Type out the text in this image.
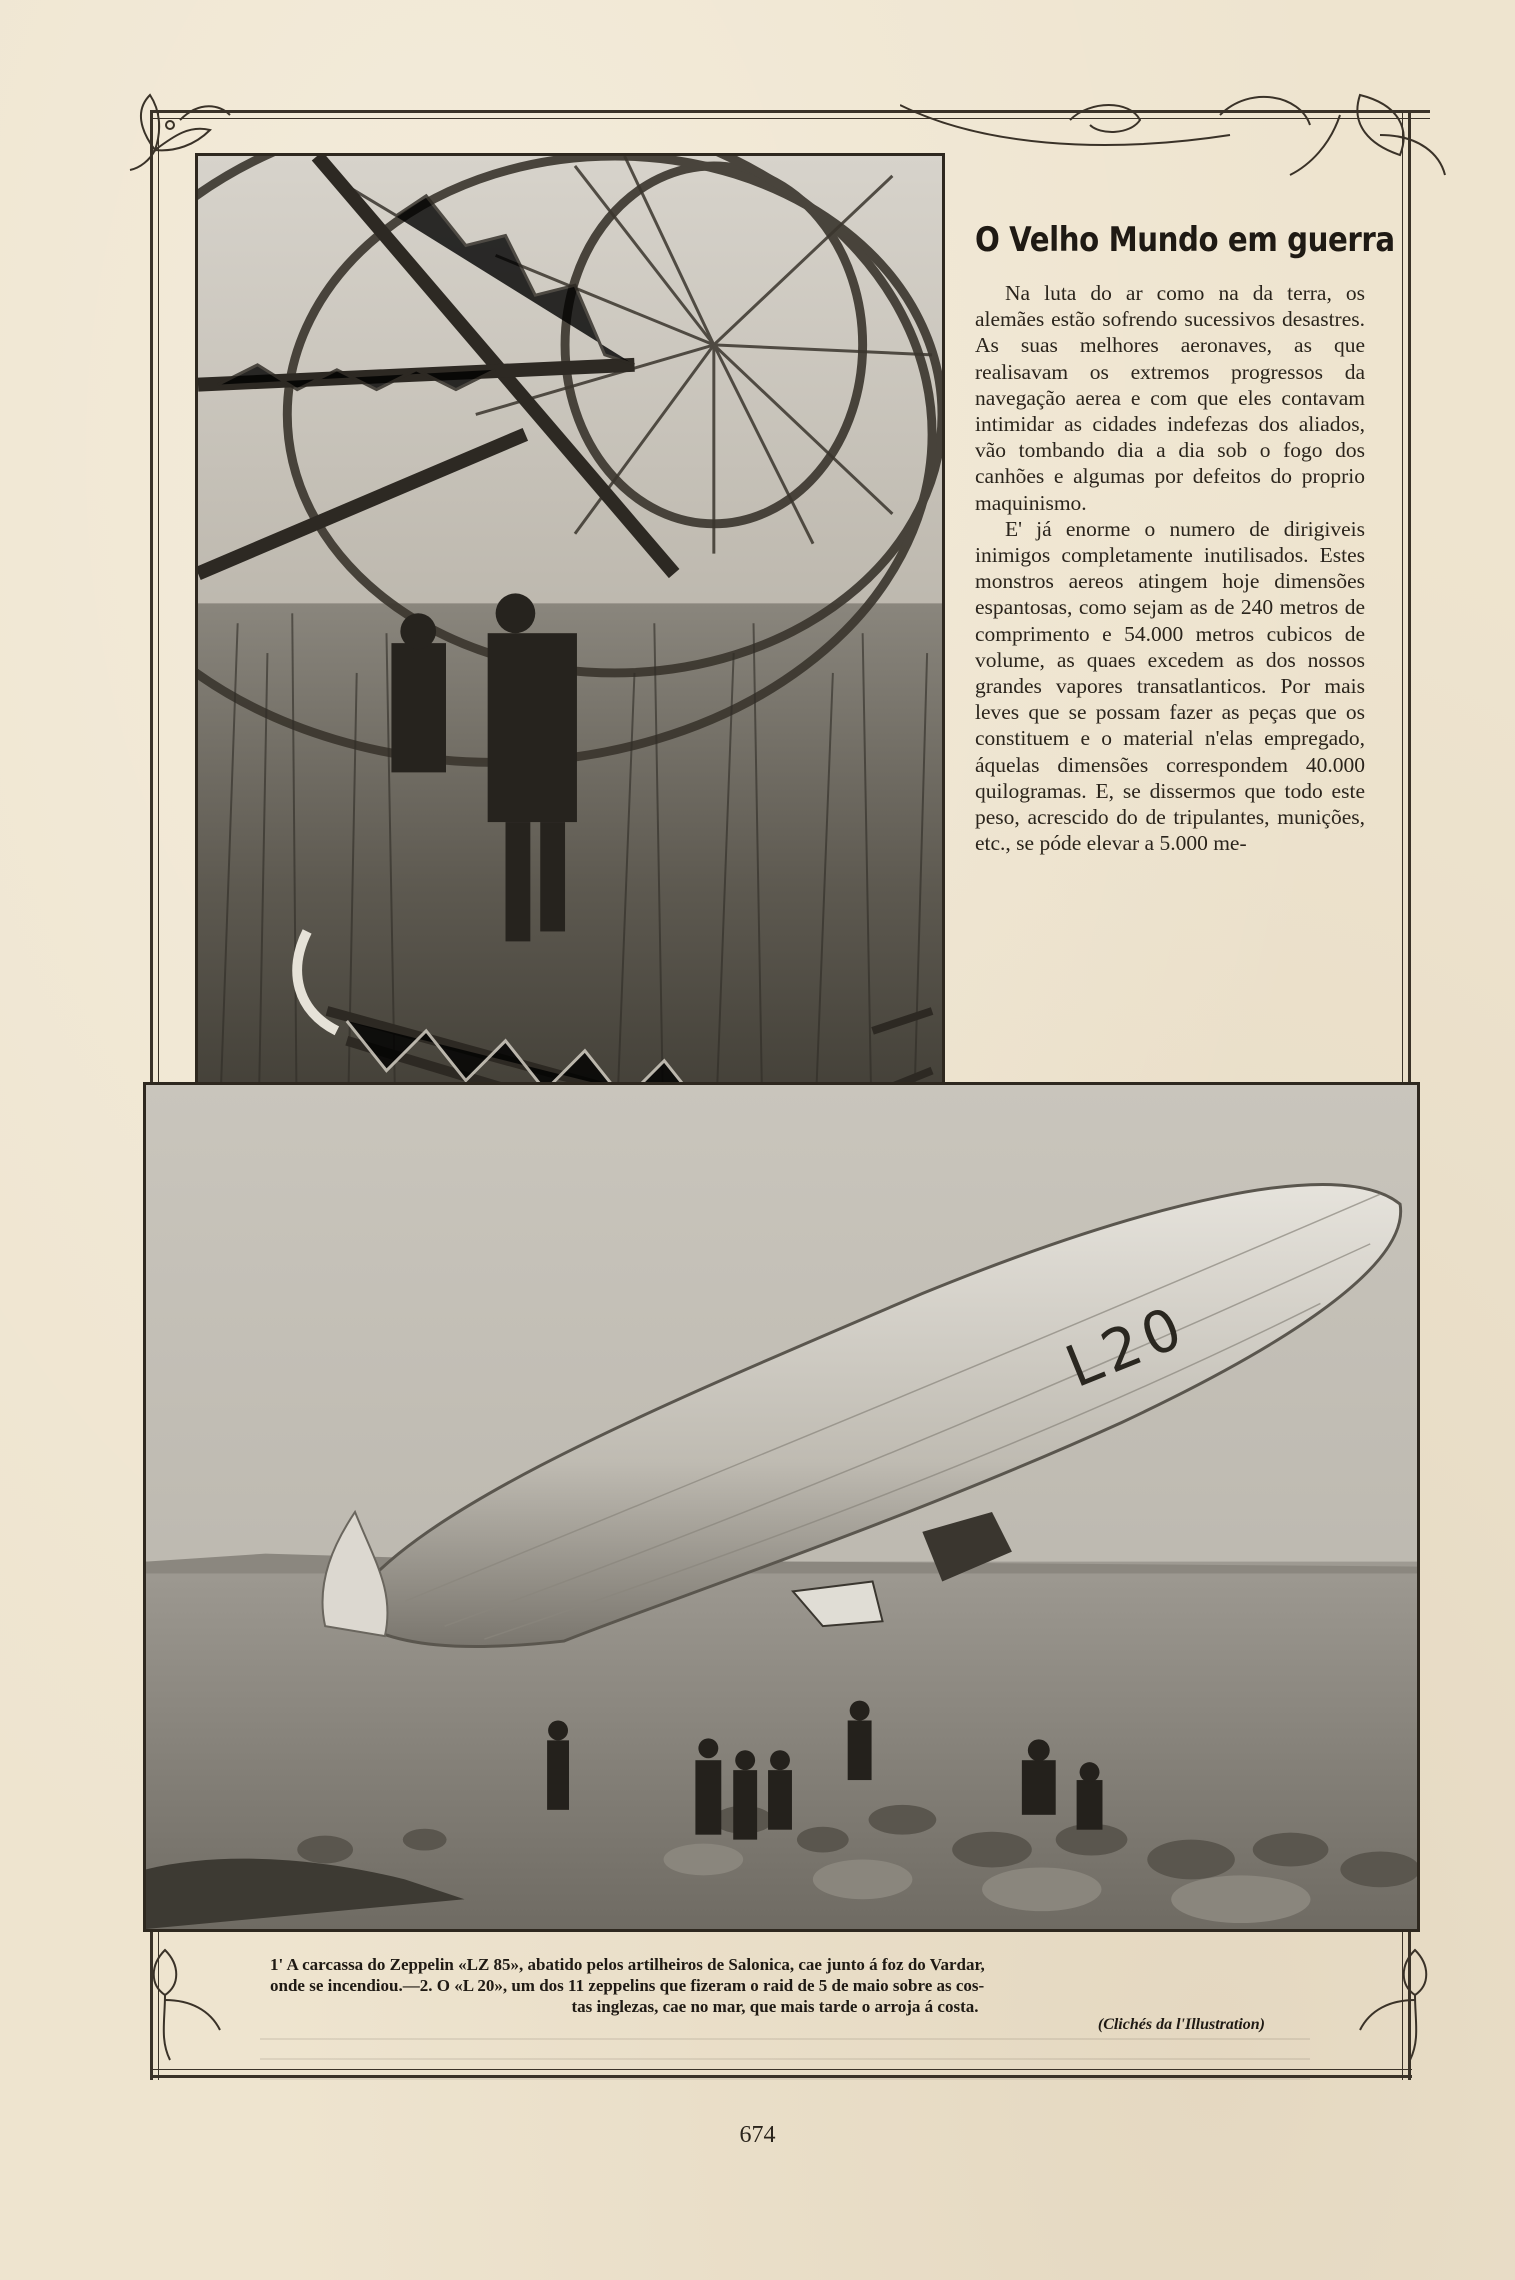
O Velho Mundo em guerra

Na luta do ar como na da terra, os alemães estão sofrendo sucessivos desastres. As suas melhores aeronaves, as que realisavam os extremos progressos da navegação aerea e com que eles contavam intimidar as cidades indefezas dos aliados, vão tombando dia a dia sob o fogo dos canhões e algumas por defeitos do proprio maquinismo.

E' já enorme o numero de dirigiveis inimigos completamente inutilisados. Estes monstros aereos atingem hoje dimensões espantosas, como sejam as de 240 metros de comprimento e 54.000 metros cubicos de volume, as quaes excedem as dos nossos grandes vapores transatlanticos. Por mais leves que se possam fazer as peças que os constituem e o material n'elas empregado, áquelas dimensões correspondem 40.000 quilogramas. E, se dissermos que todo este peso, acrescido do de tripulantes, munições, etc., se póde elevar a 5.000 me-

L20
1' A carcassa do Zeppelin «LZ 85», abatido pelos artilheiros de Salonica, cae junto á foz do Vardar,
onde se incendiou.—2. O «L 20», um dos 11 zeppelins que fizeram o raid de 5 de maio sobre as cos-
tas inglezas, cae no mar, que mais tarde o arroja á costa.
(Clichés da l'Illustration)
674
